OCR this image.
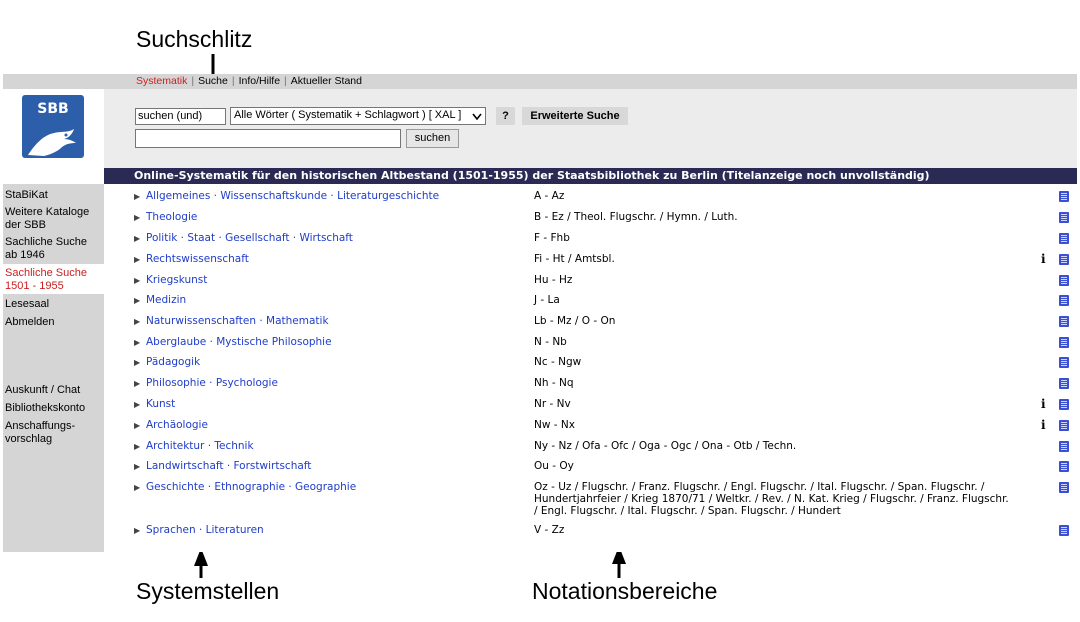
Suchschlitz
Systemstellen	Notationsbereiche
Systematik | Suche | Info/Hilfe | Aktueller Stand
SBB	suchen (und)	Alle Wörter ( Systematik + Schlagwort ) [ XAL ]	?	Erweiterte Suche
suchen
Online-Systematik für den historischen Altbestand (1501-1955) der Staatsbibliothek zu Berlin (Titelanzeige noch unvollständig)
StaBiKat
Weitere Kataloge
der SBB
Sachliche Suche
ab 1946
Sachliche Suche
1501 - 1955
Lesesaal
Abmelden
Auskunft / Chat
Bibliothekskonto
Anschaffungs-
vorschlag
▶ Allgemeines · Wissenschaftskunde · Literaturgeschichte	A - Az
▶ Theologie	B - Ez / Theol. Flugschr. / Hymn. / Luth.
▶ Politik · Staat · Gesellschaft · Wirtschaft	F - Fhb
▶ Rechtswissenschaft	Fi - Ht / Amtsbl.	i
▶ Kriegskunst	Hu - Hz
▶ Medizin	J - La
▶ Naturwissenschaften · Mathematik	Lb - Mz / O - On
▶ Aberglaube · Mystische Philosophie	N - Nb
▶ Pädagogik	Nc - Ngw
▶ Philosophie · Psychologie	Nh - Nq
▶ Kunst	Nr - Nv	i
▶ Archäologie	Nw - Nx	i
▶ Architektur · Technik	Ny - Nz / Ofa - Ofc / Oga - Ogc / Ona - Otb / Techn.
▶ Landwirtschaft · Forstwirtschaft	Ou - Oy
▶ Geschichte · Ethnographie · Geographie	Oz - Uz / Flugschr. / Franz. Flugschr. / Engl. Flugschr. / Ital. Flugschr. / Span. Flugschr. / Hundertjahrfeier / Krieg 1870/71 / Weltkr. / Rev. / N. Kat. Krieg / Flugschr. / Franz. Flugschr. / Engl. Flugschr. / Ital. Flugschr. / Span. Flugschr. / Hundert
▶ Sprachen · Literaturen	V - Zz
